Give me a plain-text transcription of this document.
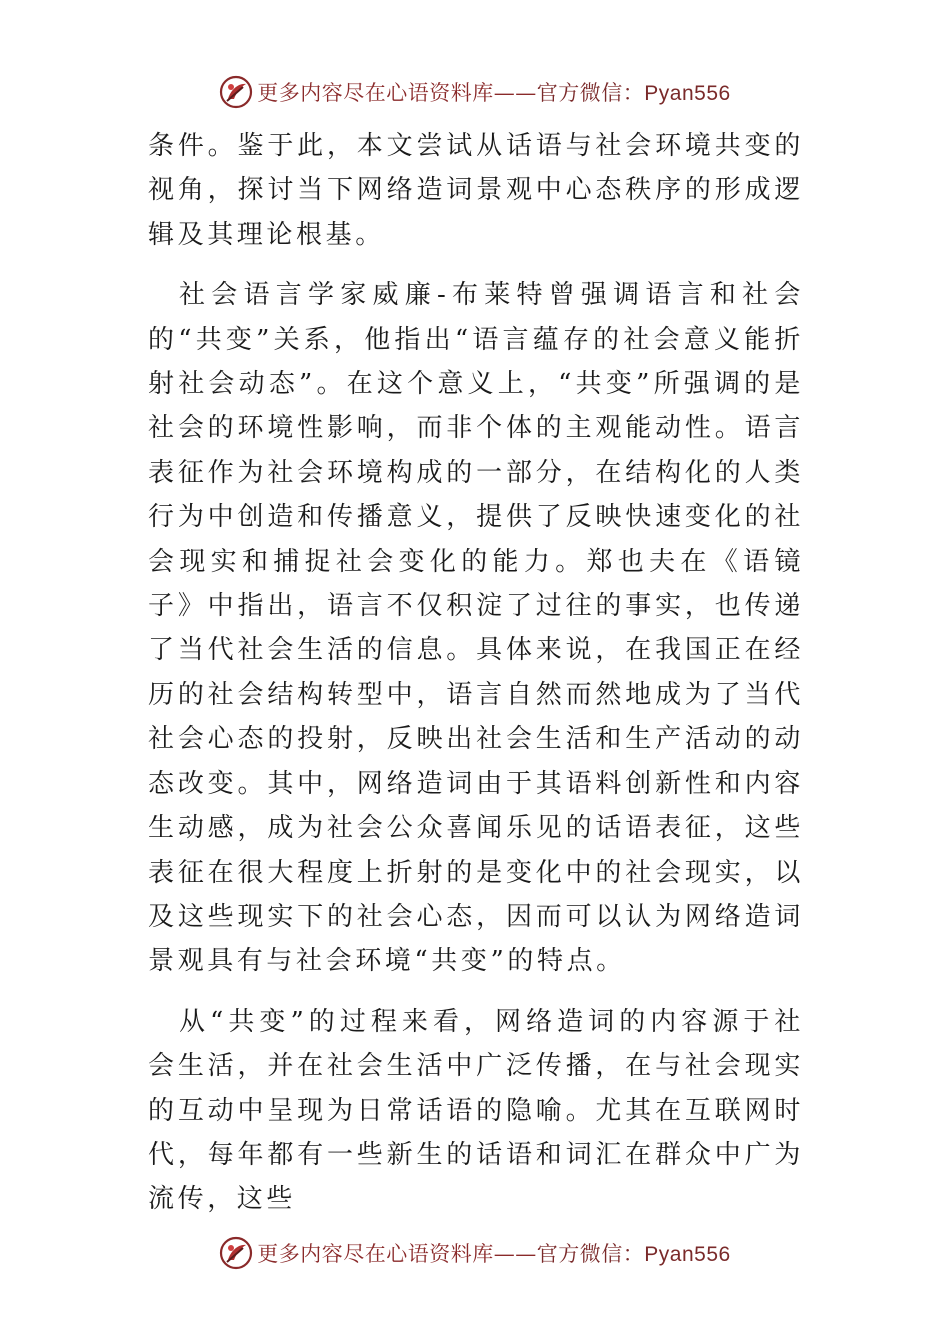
更多内容尽在心语资料库——官方微信：Pyan556

条件。鉴于此，本文尝试从话语与社会环境共变的视角，探讨当下网络造词景观中心态秩序的形成逻辑及其理论根基。

社会语言学家威廉-布莱特曾强调语言和社会的“共变”关系，他指出“语言蕴存的社会意义能折射社会动态”。在这个意义上，“共变”所强调的是社会的环境性影响，而非个体的主观能动性。语言表征作为社会环境构成的一部分，在结构化的人类行为中创造和传播意义，提供了反映快速变化的社会现实和捕捉社会变化的能力。郑也夫在《语镜子》中指出，语言不仅积淀了过往的事实，也传递了当代社会生活的信息。具体来说，在我国正在经历的社会结构转型中，语言自然而然地成为了当代社会心态的投射，反映出社会生活和生产活动的动态改变。其中，网络造词由于其语料创新性和内容生动感，成为社会公众喜闻乐见的话语表征，这些表征在很大程度上折射的是变化中的社会现实，以及这些现实下的社会心态，因而可以认为网络造词景观具有与社会环境“共变”的特点。

从“共变”的过程来看，网络造词的内容源于社会生活，并在社会生活中广泛传播，在与社会现实的互动中呈现为日常话语的隐喻。尤其在互联网时代，每年都有一些新生的话语和词汇在群众中广为流传，这些

更多内容尽在心语资料库——官方微信：Pyan556
